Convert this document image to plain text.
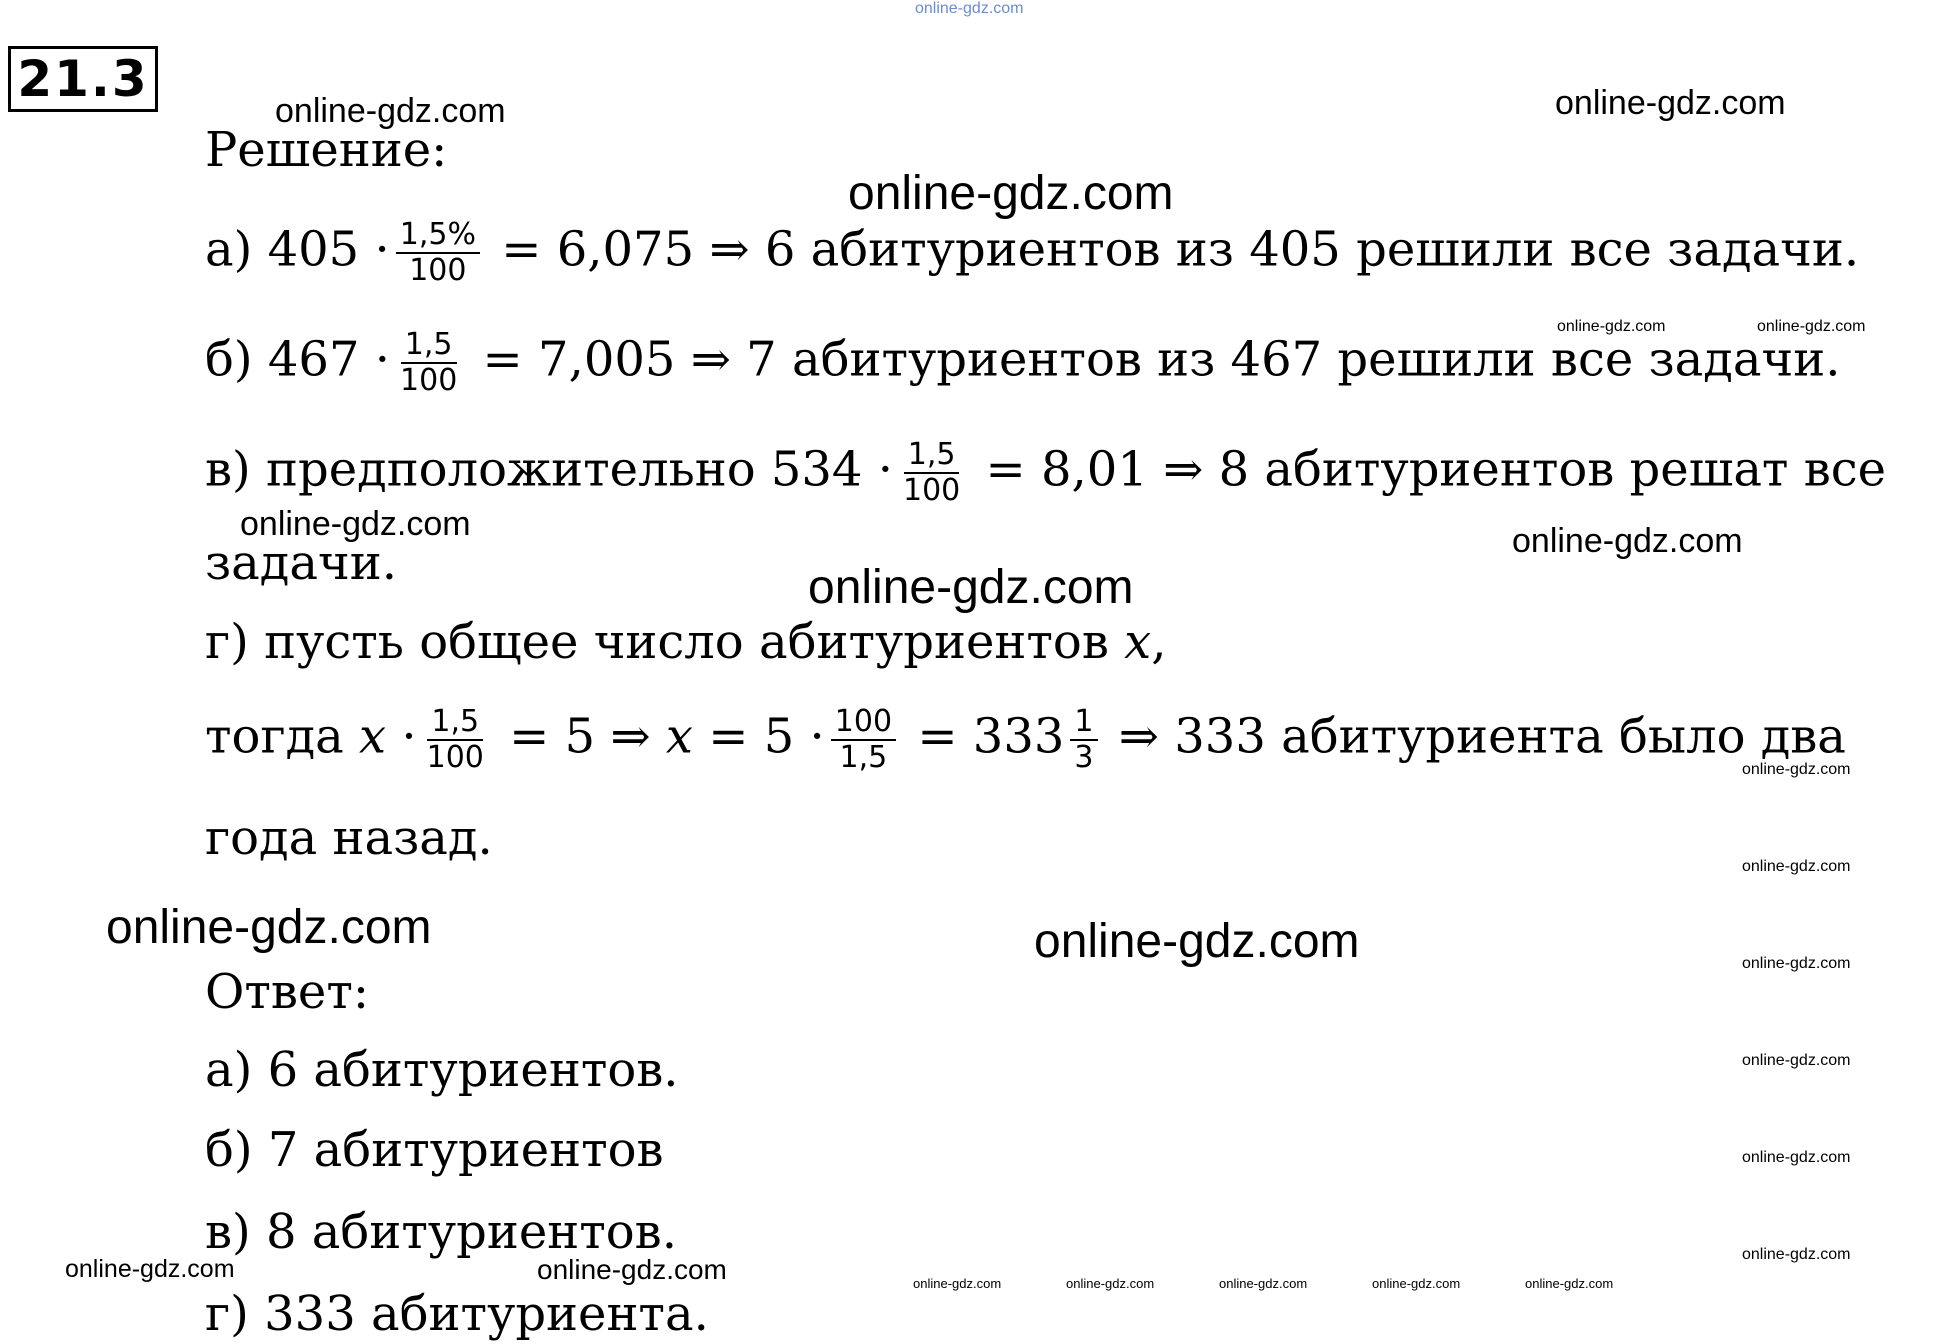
online-gdz.com
21.3
Решение:
а) $405 \cdot \frac{1,5\%}{100} = 6,075$ ⇒ 6 абитуриентов из 405 решили все задачи.
б) $467 \cdot \frac{1,5}{100} = 7,005$ ⇒ 7 абитуриентов из 467 решили все задачи.
в) предположительно $534 \cdot \frac{1,5}{100} = 8,01$ ⇒ 8 абитуриентов решат все
задачи.
г) пусть общее число абитуриентов x,
тогда $x \cdot \frac{1,5}{100} = 5$ ⇒ $x = 5 \cdot \frac{100}{1,5} = 333 \frac{1}{3}$ ⇒ 333 абитуриента было два
года назад.
Ответ:
а) 6 абитуриентов.
б) 7 абитуриентов
в) 8 абитуриентов.
г) 333 абитуриента.
online-gdz.com
online-gdz.com
online-gdz.com	online-gdz.com
online-gdz.com	online-gdz.com
online-gdz.com	online-gdz.com
online-gdz.com	online-gdz.com
online-gdz.com	online-gdz.com
online-gdz.com
online-gdz.com
online-gdz.com
online-gdz.com
online-gdz.com
online-gdz.com
online-gdz.com	online-gdz.com	online-gdz.com	online-gdz.com	online-gdz.com
